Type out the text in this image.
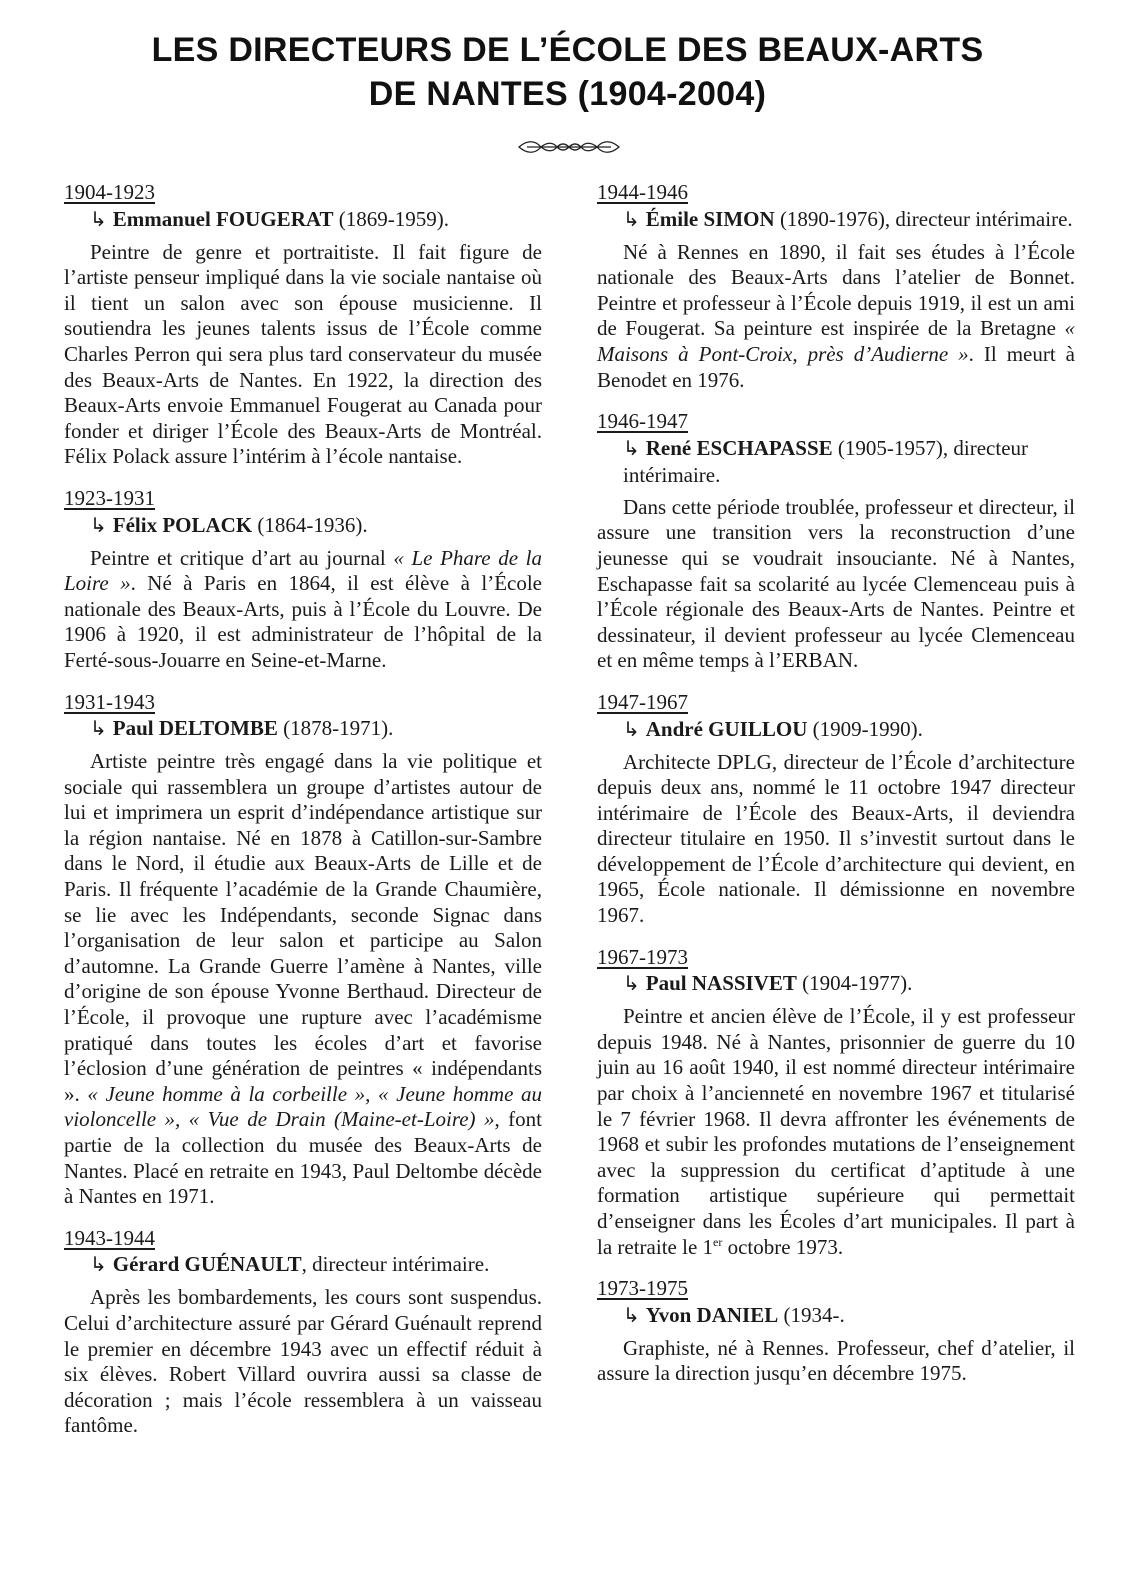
LES DIRECTEURS DE L’ÉCOLE DES BEAUX-ARTS
DE NANTES (1904-2004)
1904-1923
↳ Emmanuel FOUGERAT (1869-1959).

Peintre de genre et portraitiste. Il fait figure de l’artiste penseur impliqué dans la vie sociale nantaise où il tient un salon avec son épouse musicienne. Il soutiendra les jeunes talents issus de l’École comme Charles Perron qui sera plus tard conservateur du musée des Beaux-Arts de Nantes. En 1922, la direction des Beaux-Arts envoie Emmanuel Fougerat au Canada pour fonder et diriger l’École des Beaux-Arts de Montréal. Félix Polack assure l’intérim à l’école nantaise.

1923-1931
↳ Félix POLACK (1864-1936).

Peintre et critique d’art au journal « Le Phare de la Loire ». Né à Paris en 1864, il est élève à l’École nationale des Beaux-Arts, puis à l’École du Louvre. De 1906 à 1920, il est administrateur de l’hôpital de la Ferté-sous-Jouarre en Seine-et-Marne.

1931-1943
↳ Paul DELTOMBE (1878-1971).

Artiste peintre très engagé dans la vie politique et sociale qui rassemblera un groupe d’artistes autour de lui et imprimera un esprit d’indépendance artistique sur la région nantaise. Né en 1878 à Catillon-sur-Sambre dans le Nord, il étudie aux Beaux-Arts de Lille et de Paris. Il fréquente l’académie de la Grande Chaumière, se lie avec les Indépendants, seconde Signac dans l’organisation de leur salon et participe au Salon d’automne. La Grande Guerre l’amène à Nantes, ville d’origine de son épouse Yvonne Berthaud. Directeur de l’École, il provoque une rupture avec l’académisme pratiqué dans toutes les écoles d’art et favorise l’éclosion d’une génération de peintres « indépendants ». « Jeune homme à la corbeille », « Jeune homme au violoncelle », « Vue de Drain (Maine-et-Loire) », font partie de la collection du musée des Beaux-Arts de Nantes. Placé en retraite en 1943, Paul Deltombe décède à Nantes en 1971.

1943-1944
↳ Gérard GUÉNAULT, directeur intérimaire.

Après les bombardements, les cours sont suspendus. Celui d’architecture assuré par Gérard Guénault reprend le premier en décembre 1943 avec un effectif réduit à six élèves. Robert Villard ouvrira aussi sa classe de décoration ; mais l’école ressemblera à un vaisseau fantôme.

1944-1946
↳ Émile SIMON (1890-1976), directeur intérimaire.

Né à Rennes en 1890, il fait ses études à l’École nationale des Beaux-Arts dans l’atelier de Bonnet. Peintre et professeur à l’École depuis 1919, il est un ami de Fougerat. Sa peinture est inspirée de la Bretagne « Maisons à Pont-Croix, près d’Audierne ». Il meurt à Benodet en 1976.

1946-1947
↳ René ESCHAPASSE (1905-1957), directeur intérimaire.

Dans cette période troublée, professeur et directeur, il assure une transition vers la reconstruction d’une jeunesse qui se voudrait insouciante. Né à Nantes, Eschapasse fait sa scolarité au lycée Clemenceau puis à l’École régionale des Beaux-Arts de Nantes. Peintre et dessinateur, il devient professeur au lycée Clemenceau et en même temps à l’ERBAN.

1947-1967
↳ André GUILLOU (1909-1990).

Architecte DPLG, directeur de l’École d’architecture depuis deux ans, nommé le 11 octobre 1947 directeur intérimaire de l’École des Beaux-Arts, il deviendra directeur titulaire en 1950. Il s’investit surtout dans le développement de l’École d’architecture qui devient, en 1965, École nationale. Il démissionne en novembre 1967.

1967-1973
↳ Paul NASSIVET (1904-1977).

Peintre et ancien élève de l’École, il y est professeur depuis 1948. Né à Nantes, prisonnier de guerre du 10 juin au 16 août 1940, il est nommé directeur intérimaire par choix à l’ancienneté en novembre 1967 et titularisé le 7 février 1968. Il devra affronter les événements de 1968 et subir les profondes mutations de l’enseignement avec la suppression du certificat d’aptitude à une formation artistique supérieure qui permettait d’enseigner dans les Écoles d’art municipales. Il part à la retraite le 1er octobre 1973.

1973-1975
↳ Yvon DANIEL (1934-.

Graphiste, né à Rennes. Professeur, chef d’atelier, il assure la direction jusqu’en décembre 1975.
